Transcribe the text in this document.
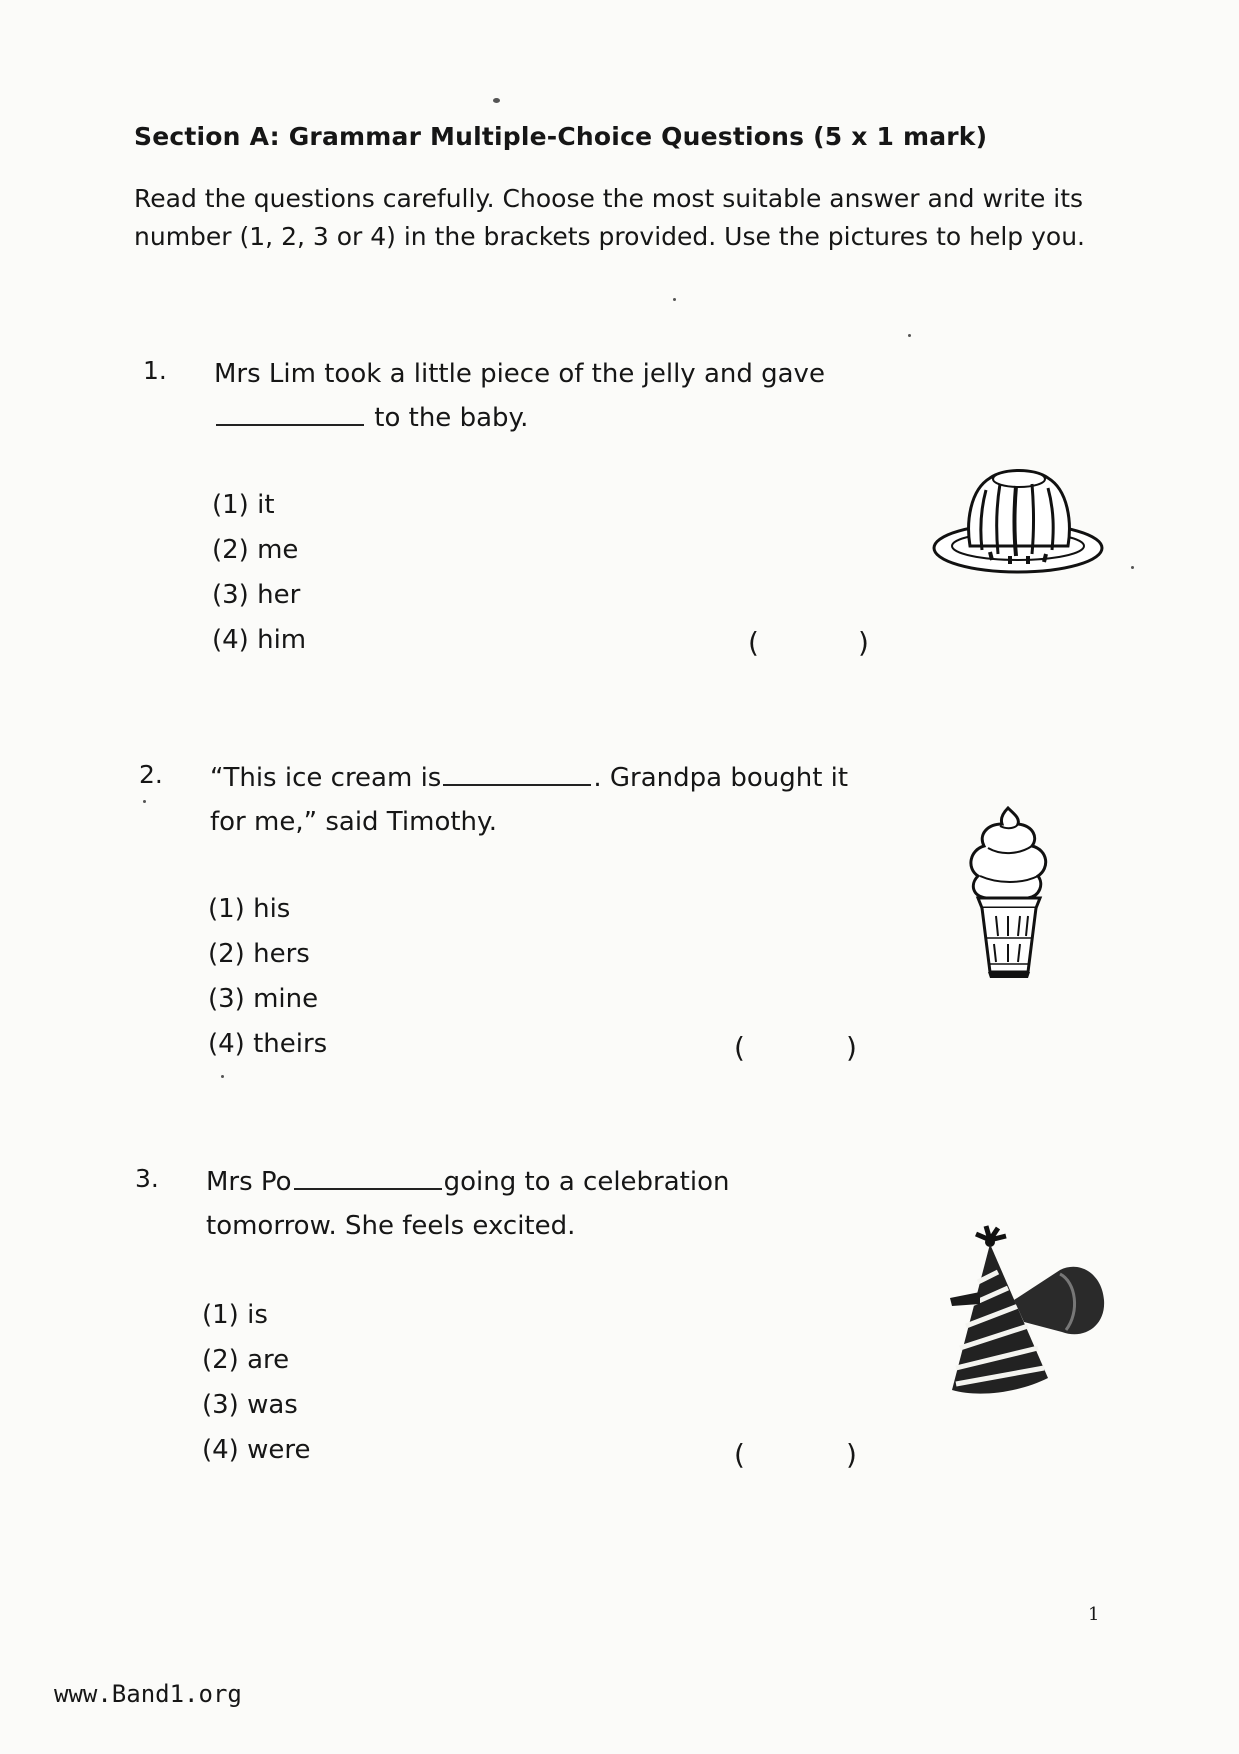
Section A: Grammar Multiple-Choice Questions (5 x 1 mark)
Read the questions carefully. Choose the most suitable answer and write its number (1, 2, 3 or 4) in the brackets provided. Use the pictures to help you.
1. Mrs Lim took a little piece of the jelly and gave
to the baby.
(1) it
(2) me
(3) her
(4) him	(	)
2. “This ice cream is	. Grandpa bought it
for me,” said Timothy.
(1) his
(2) hers
(3) mine
(4) theirs	(	)
3. Mrs Po	going to a celebration
tomorrow. She feels excited.
(1) is
(2) are
(3) was
(4) were	(	)
1
www.Band1.org
